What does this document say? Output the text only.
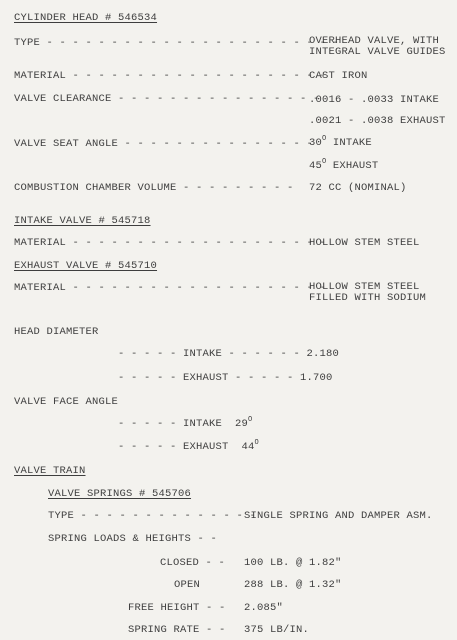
CYLINDER HEAD # 546534
TYPE - - - - - - - - - - - - - - - - - - - - - - -
OVERHEAD VALVE, WITH
INTEGRAL VALVE GUIDES
MATERIAL - - - - - - - - - - - - - - - - - - - -
CAST IRON
VALVE CLEARANCE - - - - - - - - - - - - - - - -
.0016 - .0033 INTAKE
.0021 - .0038 EXHAUST
VALVE SEAT ANGLE - - - - - - - - - - - - - - -
$30^O$ INTAKE
$45^O$ EXHAUST
COMBUSTION CHAMBER VOLUME - - - - - - - - - 72 CC (NOMINAL)
INTAKE VALVE # 545718
MATERIAL - - - - - - - - - - - - - - - - - - - -
HOLLOW STEM STEEL
EXHAUST VALVE # 545710
MATERIAL - - - - - - - - - - - - - - - - - - - -
HOLLOW STEM STEEL
FILLED WITH SODIUM
HEAD DIAMETER
- - - - - INTAKE - - - - - - 2.180
- - - - - EXHAUST - - - - - 1.700
VALVE FACE ANGLE
- - - - - INTAKE  $29^O$
- - - - - EXHAUST  $44^O$
VALVE TRAIN
VALVE SPRINGS # 545706
TYPE - - - - - - - - - - - - - -
SINGLE SPRING AND DAMPER ASM.
SPRING LOADS & HEIGHTS - -
CLOSED - - 100 LB. @ 1.82"
OPEN	288 LB. @ 1.32"
FREE HEIGHT - - 2.085"
SPRING RATE - - 375 LB/IN.
